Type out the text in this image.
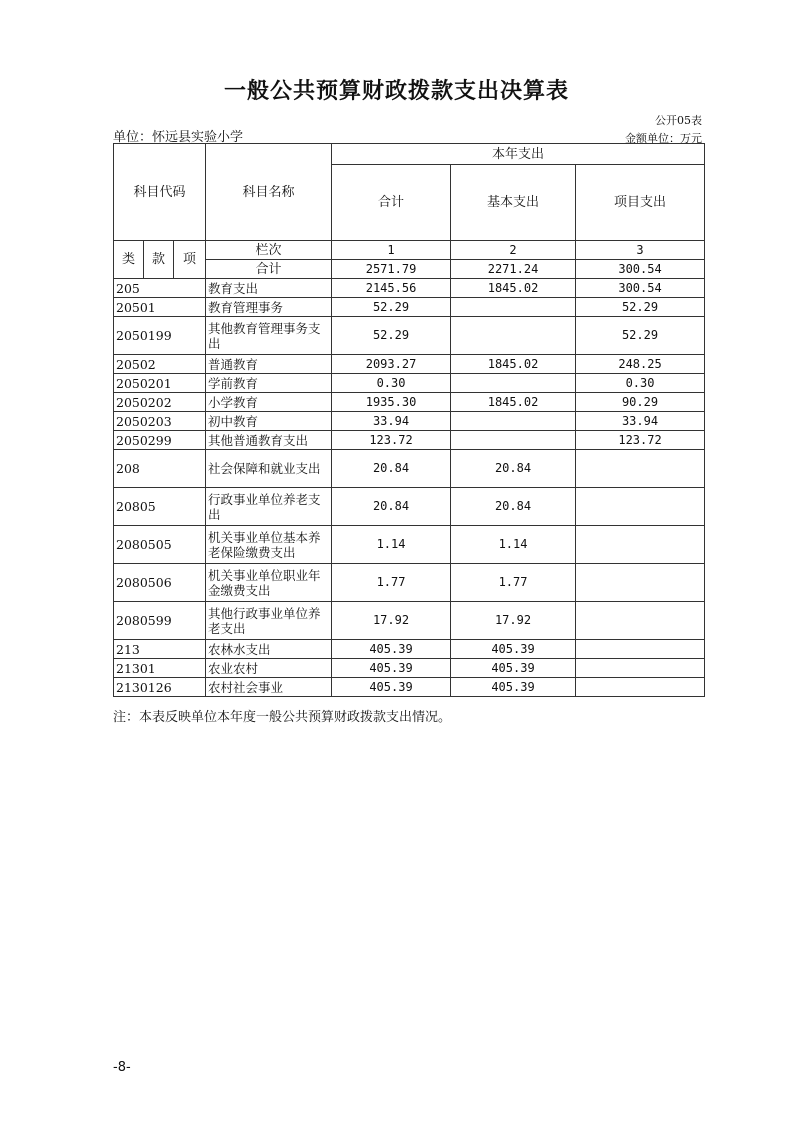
一般公共预算财政拨款支出决算表
公开05表
单位：怀远县实验小学	金额单位：万元
科目代码			科目名称	本年支出		
				合计	基本支出	项目支出
类	款	项	栏次	1	2	3
			合计	2571.79	2271.24	300.54
205			教育支出	2145.56	1845.02	300.54
20501			教育管理事务	52.29		52.29
2050199			其他教育管理事务支出	52.29		52.29
20502			普通教育	2093.27	1845.02	248.25
2050201			学前教育	0.30		0.30
2050202			小学教育	1935.30	1845.02	90.29
2050203			初中教育	33.94		33.94
2050299			其他普通教育支出	123.72		123.72
208			社会保障和就业支出	20.84	20.84	
20805			行政事业单位养老支出	20.84	20.84	
2080505			机关事业单位基本养老保险缴费支出	1.14	1.14	
2080506			机关事业单位职业年金缴费支出	1.77	1.77	
2080599			其他行政事业单位养老支出	17.92	17.92	
213			农林水支出	405.39	405.39	
21301			农业农村	405.39	405.39	
2130126			农村社会事业	405.39	405.39	
注：本表反映单位本年度一般公共预算财政拨款支出情况。
-8-
